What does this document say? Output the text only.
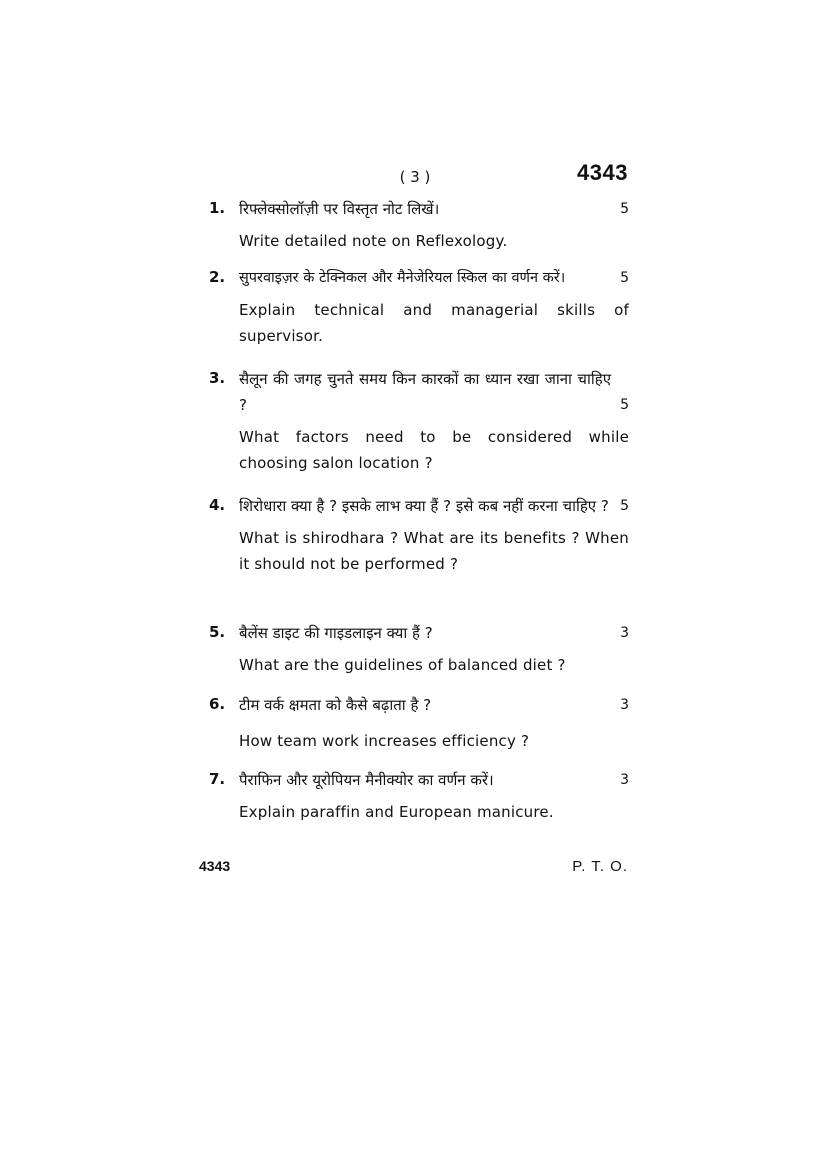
( 3 )	4343
1. रिफ्लेक्सोलॉज़ी पर विस्तृत नोट लिखें।	5

Write detailed note on Reflexology.

2. सुपरवाइज़र के टेक्निकल और मैनेजेरियल स्किल का वर्णन करें।	5

Explain technical and managerial skills of supervisor.

3. सैलून की जगह चुनते समय किन कारकों का ध्यान रखा जाना चाहिए ?	5

What factors need to be considered while choosing salon location ?

4. शिरोधारा क्या है ? इसके लाभ क्या हैं ? इसे कब नहीं करना चाहिए ? 5

What is shirodhara ? What are its benefits ? When it should not be performed ?

5. बैलेंस डाइट की गाइडलाइन क्या हैं ?	3

What are the guidelines of balanced diet ?

6. टीम वर्क क्षमता को कैसे बढ़ाता है ?	3

How team work increases efficiency ?

7. पैराफिन और यूरोपियन मैनीक्योर का वर्णन करें।	3

Explain paraffin and European manicure.

4343	P. T. O.
